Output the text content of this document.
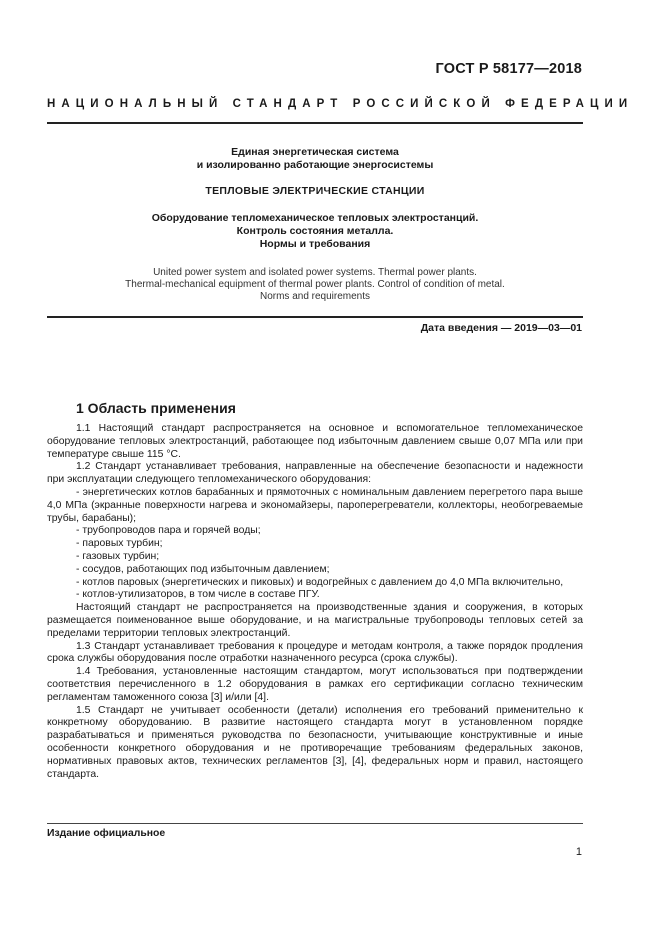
ГОСТ Р 58177—2018
НАЦИОНАЛЬНЫЙ СТАНДАРТ РОССИЙСКОЙ ФЕДЕРАЦИИ
Единая энергетическая система
и изолированно работающие энергосистемы
ТЕПЛОВЫЕ ЭЛЕКТРИЧЕСКИЕ СТАНЦИИ
Оборудование тепломеханическое тепловых электростанций.
Контроль состояния металла.
Нормы и требования
United power system and isolated power systems. Thermal power plants.
Thermal-mechanical equipment of thermal power plants. Control of condition of metal.
Norms and requirements
Дата введения — 2019—03—01
1 Область применения

1.1 Настоящий стандарт распространяется на основное и вспомогательное тепломеханическое оборудование тепловых электростанций, работающее под избыточным давлением свыше 0,07 МПа или при температуре свыше 115 °С.

1.2 Стандарт устанавливает требования, направленные на обеспечение безопасности и надежности при эксплуатации следующего тепломеханического оборудования:

- энергетических котлов барабанных и прямоточных с номинальным давлением перегретого пара выше 4,0 МПа (экранные поверхности нагрева и экономайзеры, пароперегреватели, коллекторы, необогреваемые трубы, барабаны);

- трубопроводов пара и горячей воды;

- паровых турбин;

- газовых турбин;

- сосудов, работающих под избыточным давлением;

- котлов паровых (энергетических и пиковых) и водогрейных с давлением до 4,0 МПа включительно,

- котлов-утилизаторов, в том числе в составе ПГУ.

Настоящий стандарт не распространяется на производственные здания и сооружения, в которых размещается поименованное выше оборудование, и на магистральные трубопроводы тепловых сетей за пределами территории тепловых электростанций.

1.3 Стандарт устанавливает требования к процедуре и методам контроля, а также порядок продления срока службы оборудования после отработки назначенного ресурса (срока службы).

1.4 Требования, установленные настоящим стандартом, могут использоваться при подтверждении соответствия перечисленного в 1.2 оборудования в рамках его сертификации согласно техническим регламентам таможенного союза [3] и/или [4].

1.5 Стандарт не учитывает особенности (детали) исполнения его требований применительно к конкретному оборудованию. В развитие настоящего стандарта могут в установленном порядке разрабатываться и применяться руководства по безопасности, учитывающие конструктивные и иные особенности конкретного оборудования и не противоречащие требованиям федеральных законов, нормативных правовых актов, технических регламентов [3], [4], федеральных норм и правил, настоящего стандарта.

Издание официальное
1
